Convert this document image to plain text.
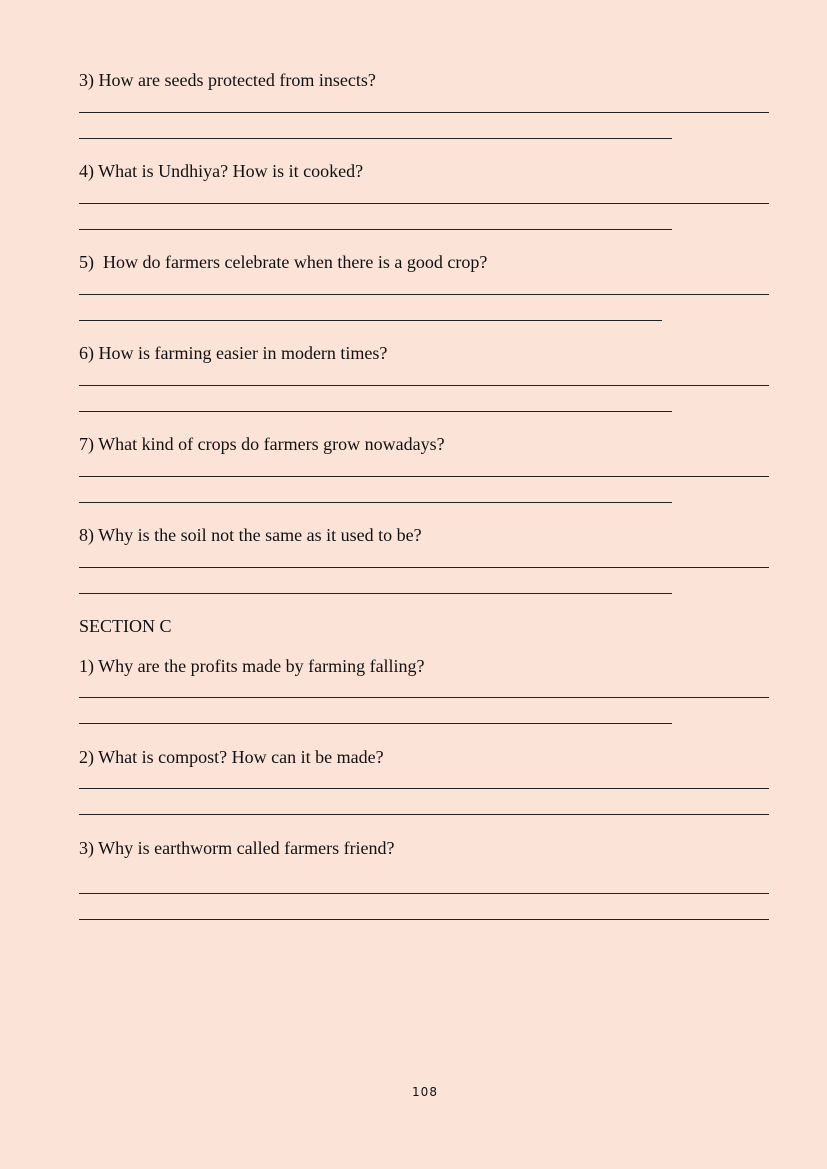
3) How are seeds protected from insects?
4) What is Undhiya? How is it cooked?
5)  How do farmers celebrate when there is a good crop?
6) How is farming easier in modern times?
7) What kind of crops do farmers grow nowadays?
8) Why is the soil not the same as it used to be?
SECTION C
1) Why are the profits made by farming falling?
2) What is compost? How can it be made?
3) Why is earthworm called farmers friend?
108
